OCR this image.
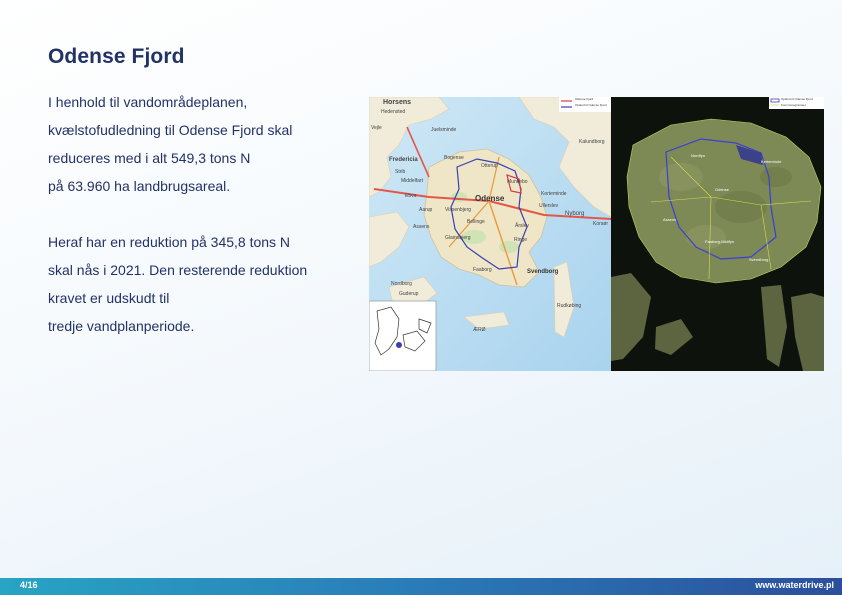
Odense Fjord

I henhold til vandområdeplanen,

kvælstofudledning til Odense Fjord skal

reduceres med i alt 549,3 tons N

på 63.960 ha landbrugsareal.

Heraf har en reduktion på 345,8 tons N

skal nås i 2021. Den resterende reduktion

kravet er udskudt til

tredje vandplanperiode.

Odense Fjord
Opland til Odense Fjord
Horsens
Hedensted
Juelsminde
Vejle
Kalundborg
Fredericia	Bogense
Otterup
Middelfart
Strib
Munkebo
Kerteminde
Odense
Assens
Vissenbjerg
Ullerslev
Nyborg
Glamsbjerg
Årslev
Faaborg	Svendborg
Nordborg
Guderup
Rudkøbing
ÆRØ
Ebva
Aarup
Bellinge
Ringe
Korsør
Opland til Odense Fjord
Kommunegrænser
Nordfyn
Kerteminde
Odense
Assens
Faaborg-Midtfyn
Svendborg
4/16	www.waterdrive.pl
